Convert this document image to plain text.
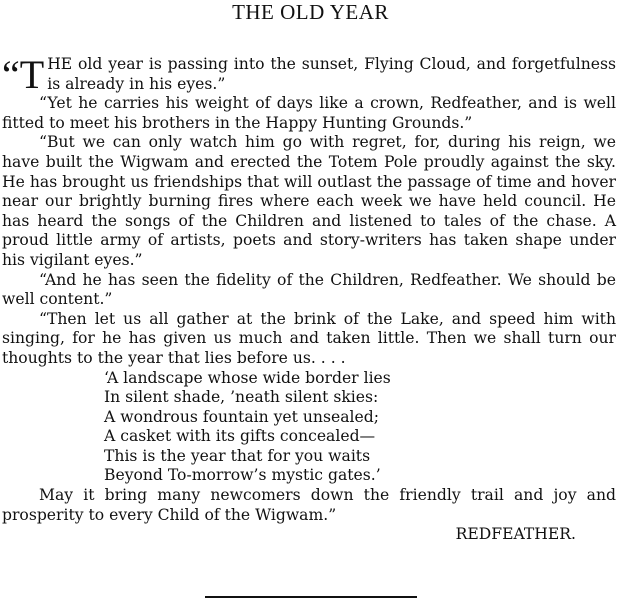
THE OLD YEAR

“T HE old year is passing into the sunset, Flying Cloud, and forgetfulness is already in his eyes.”

“Yet he carries his weight of days like a crown, Redfeather, and is well fitted to meet his brothers in the Happy Hunting Grounds.”

“But we can only watch him go with regret, for, during his reign, we have built the Wigwam and erected the Totem Pole proudly against the sky. He has brought us friendships that will outlast the passage of time and hover near our brightly burning fires where each week we have held council. He has heard the songs of the Children and listened to tales of the chase. A proud little army of artists, poets and story-writers has taken shape under his vigilant eyes.”

“And he has seen the fidelity of the Children, Redfeather. We should be well content.”

“Then let us all gather at the brink of the Lake, and speed him with singing, for he has given us much and taken little. Then we shall turn our thoughts to the year that lies before us. . . .

‘A landscape whose wide border lies
In silent shade, ’neath silent skies:
A wondrous fountain yet unsealed;
A casket with its gifts concealed—
This is the year that for you waits
Beyond To-morrow’s mystic gates.’

May it bring many newcomers down the friendly trail and joy and prosperity to every Child of the Wigwam.”

REDFEATHER.
